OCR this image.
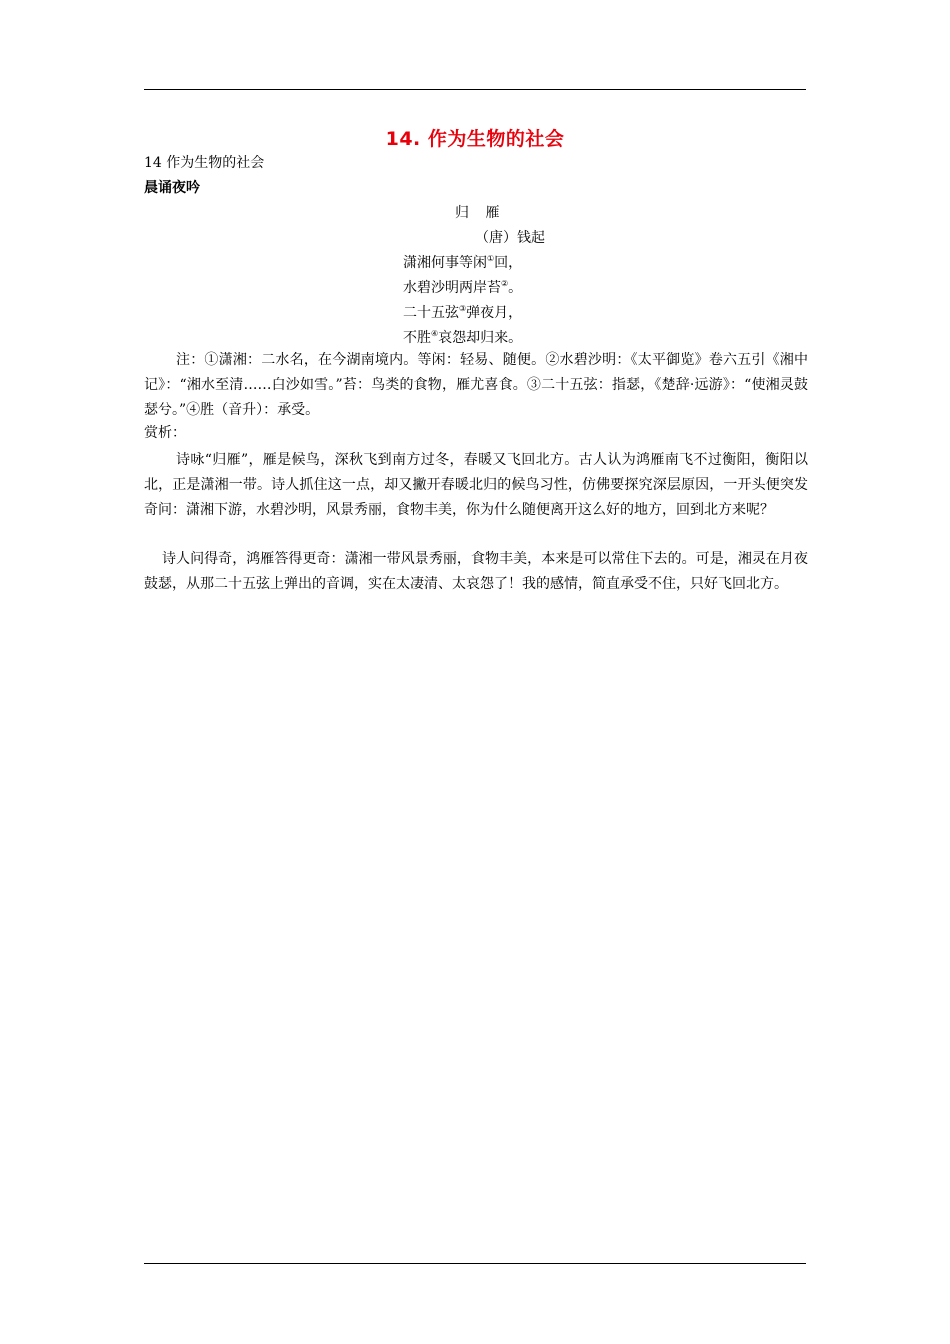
14. 作为生物的社会
14 作为生物的社会
晨诵夜吟
归 雁
（唐）钱起
潇湘何事等闲①回，
水碧沙明两岸苔②。
二十五弦③弹夜月，
不胜④哀怨却归来。
注：①潇湘：二水名，在今湖南境内。等闲：轻易、随便。②水碧沙明：《太平御览》卷六五引《湘中记》：“湘水至清……白沙如雪。”苔：鸟类的食物，雁尤喜食。③二十五弦：指瑟，《楚辞·远游》：“使湘灵鼓瑟兮。”④胜（音升）：承受。
赏析：
诗咏“归雁”，雁是候鸟，深秋飞到南方过冬，春暖又飞回北方。古人认为鸿雁南飞不过衡阳，衡阳以北，正是潇湘一带。诗人抓住这一点，却又撇开春暖北归的候鸟习性，仿佛要探究深层原因，一开头便突发奇问：潇湘下游，水碧沙明，风景秀丽，食物丰美，你为什么随便离开这么好的地方，回到北方来呢？
诗人问得奇，鸿雁答得更奇：潇湘一带风景秀丽，食物丰美，本来是可以常住下去的。可是，湘灵在月夜鼓瑟，从那二十五弦上弹出的音调，实在太凄清、太哀怨了！我的感情，简直承受不住，只好飞回北方。
